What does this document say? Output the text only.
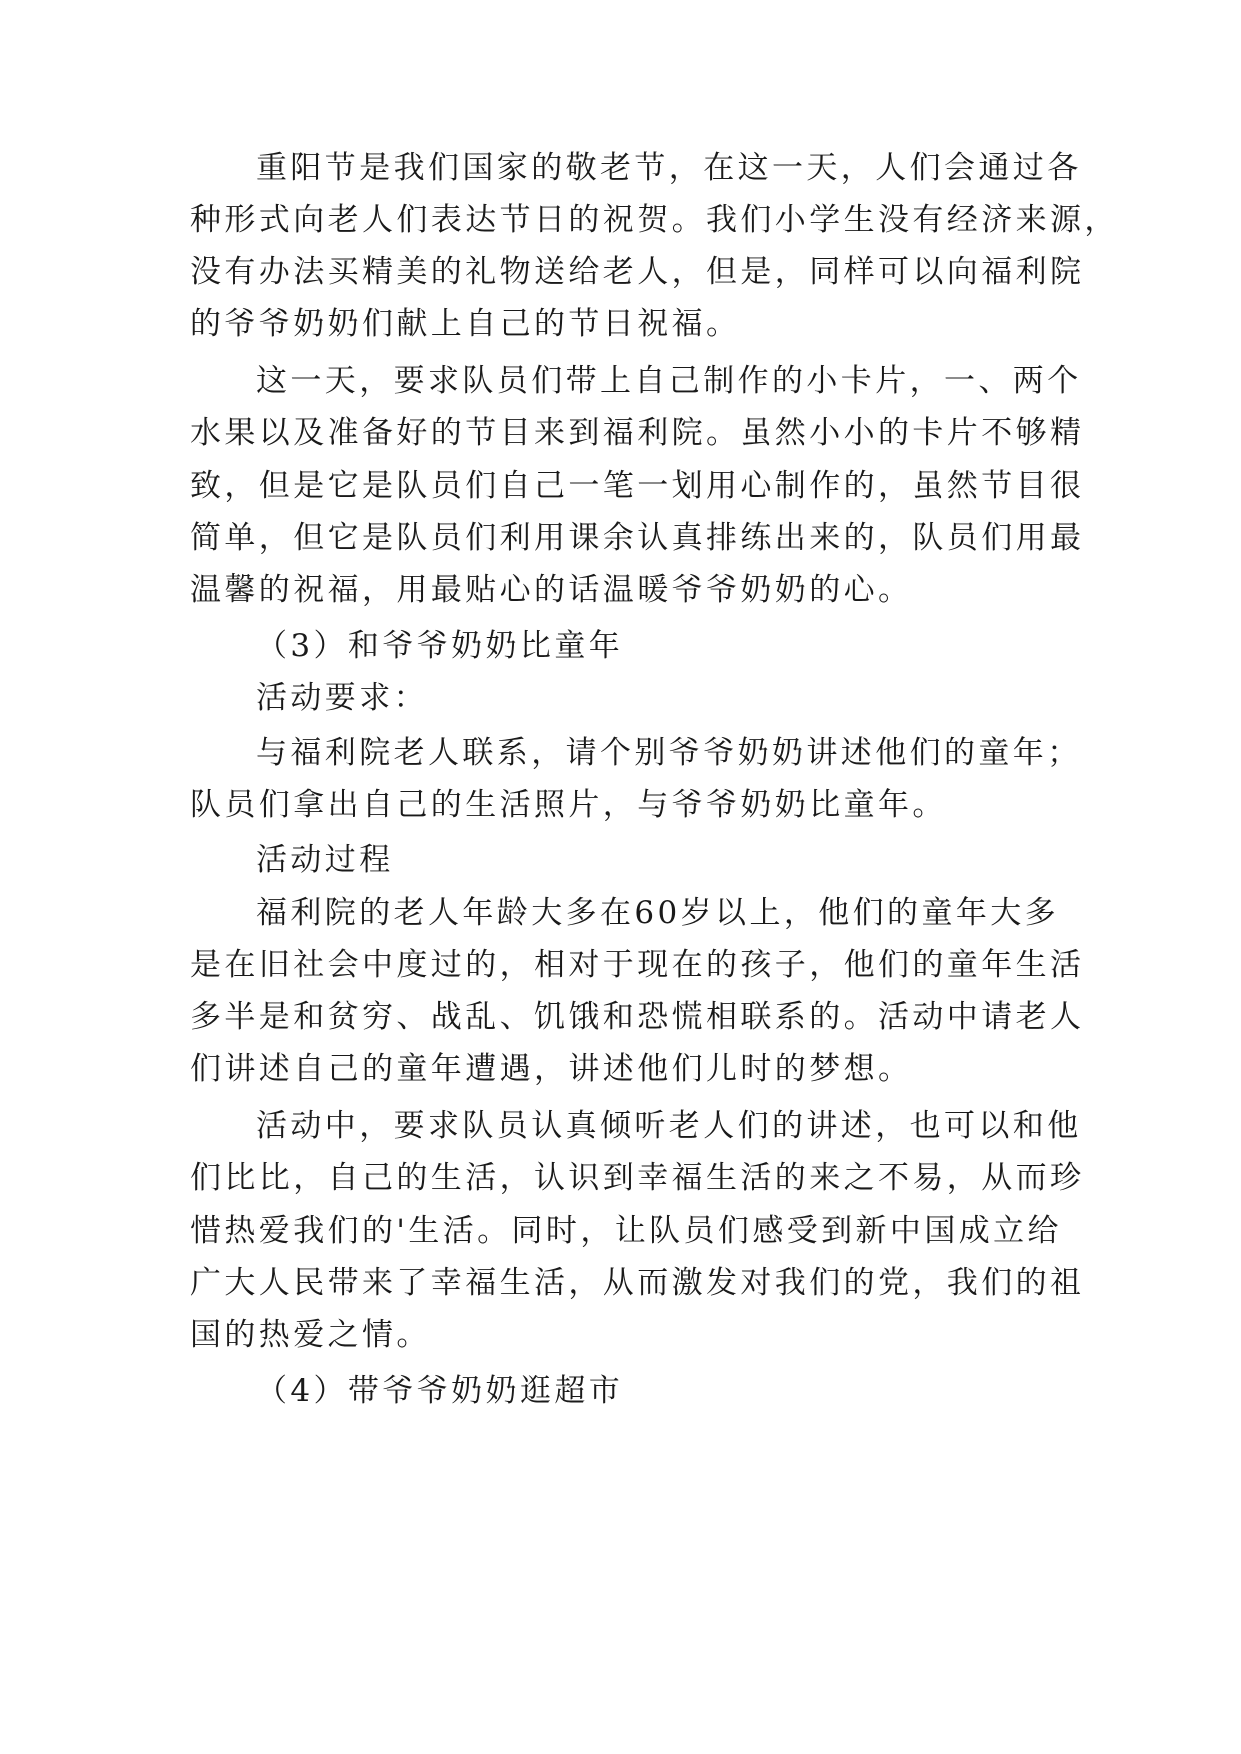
重阳节是我们国家的敬老节，在这一天，人们会通过各
种形式向老人们表达节日的祝贺。我们小学生没有经济来源，
没有办法买精美的礼物送给老人，但是，同样可以向福利院
的爷爷奶奶们献上自己的节日祝福。
这一天，要求队员们带上自己制作的小卡片，一、两个
水果以及准备好的节目来到福利院。虽然小小的卡片不够精
致，但是它是队员们自己一笔一划用心制作的，虽然节目很
简单，但它是队员们利用课余认真排练出来的，队员们用最
温馨的祝福，用最贴心的话温暖爷爷奶奶的心。
（3）和爷爷奶奶比童年
活动要求：
与福利院老人联系，请个别爷爷奶奶讲述他们的童年；
队员们拿出自己的生活照片，与爷爷奶奶比童年。
活动过程
福利院的老人年龄大多在60岁以上，他们的童年大多
是在旧社会中度过的，相对于现在的孩子，他们的童年生活
多半是和贫穷、战乱、饥饿和恐慌相联系的。活动中请老人
们讲述自己的童年遭遇，讲述他们儿时的梦想。
活动中，要求队员认真倾听老人们的讲述，也可以和他
们比比，自己的生活，认识到幸福生活的来之不易，从而珍
惜热爱我们的'生活。同时，让队员们感受到新中国成立给
广大人民带来了幸福生活，从而激发对我们的党，我们的祖
国的热爱之情。
（4）带爷爷奶奶逛超市
